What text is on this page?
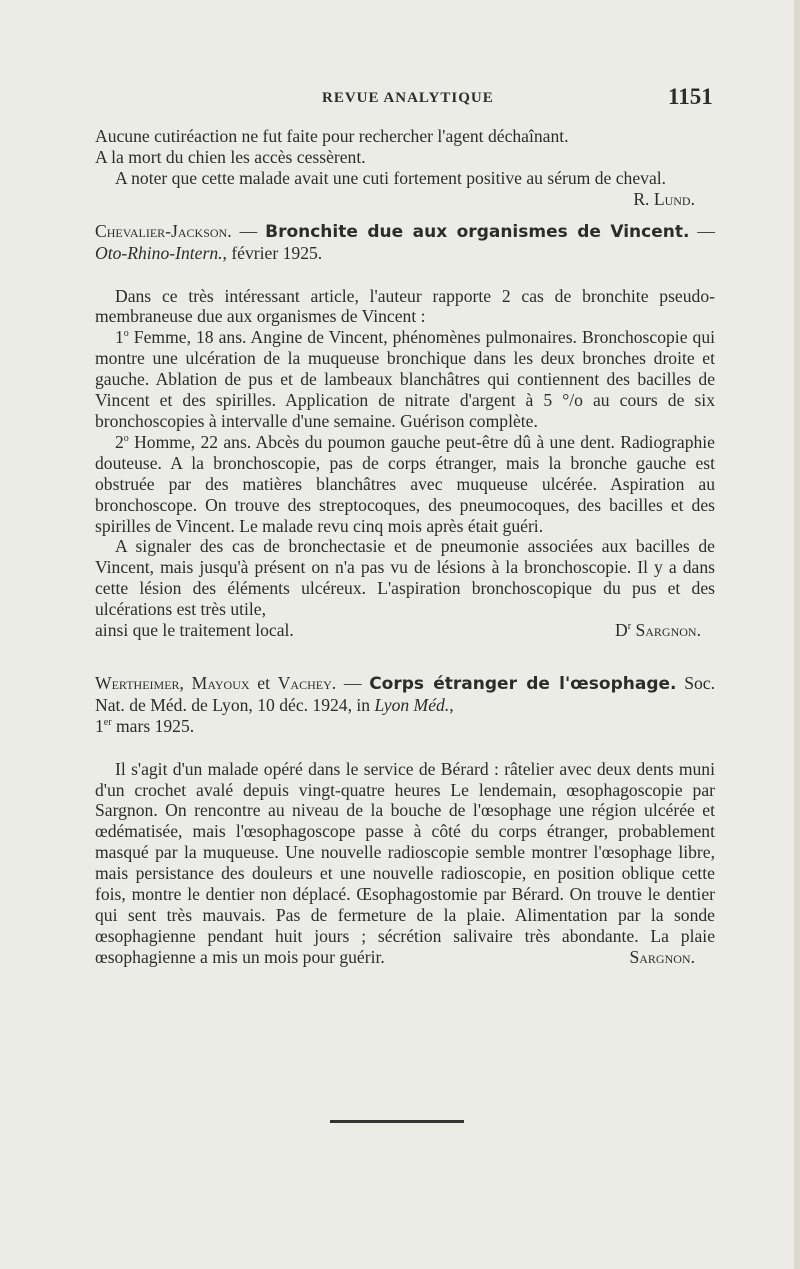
REVUE ANALYTIQUE	1151

Aucune cutiréaction ne fut faite pour rechercher l'agent déchaînant.
A la mort du chien les accès cessèrent.

A noter que cette malade avait une cuti fortement positive au sérum de cheval.
R. Lund.

Chevalier-Jackson. — Bronchite due aux organismes de Vincent. — Oto-Rhino-Intern., février 1925.

Dans ce très intéressant article, l'auteur rapporte 2 cas de bronchite pseudo-membraneuse due aux organismes de Vincent :

1$^o$ Femme, 18 ans. Angine de Vincent, phénomènes pulmonaires. Bronchoscopie qui montre une ulcération de la muqueuse bronchique dans les deux bronches droite et gauche. Ablation de pus et de lambeaux blanchâtres qui contiennent des bacilles de Vincent et des spirilles. Application de nitrate d'argent à 5 °/o au cours de six bronchoscopies à intervalle d'une semaine. Guérison complète.

2$^o$ Homme, 22 ans. Abcès du poumon gauche peut-être dû à une dent. Radiographie douteuse. A la bronchoscopie, pas de corps étranger, mais la bronche gauche est obstruée par des matières blanchâtres avec muqueuse ulcérée. Aspiration au bronchoscope. On trouve des streptocoques, des pneumocoques, des bacilles et des spirilles de Vincent. Le malade revu cinq mois après était guéri.

A signaler des cas de bronchectasie et de pneumonie associées aux bacilles de Vincent, mais jusqu'à présent on n'a pas vu de lésions à la bronchoscopie. Il y a dans cette lésion des éléments ulcéreux. L'aspiration bronchoscopique du pus et des ulcérations est très utile,

ainsi que le traitement local.	$D^r$ Sargnon.

Wertheimer, Mayoux et Vachey. — Corps étranger de l'œsophage. Soc. Nat. de Méd. de Lyon, 10 déc. 1924, in Lyon Méd.,
1er mars 1925.

Il s'agit d'un malade opéré dans le service de Bérard : râtelier avec deux dents muni d'un crochet avalé depuis vingt-quatre heures Le lendemain, œsophagoscopie par Sargnon. On rencontre au niveau de la bouche de l'œsophage une région ulcérée et œdématisée, mais l'œsophagoscope passe à côté du corps étranger, probablement masqué par la muqueuse. Une nouvelle radioscopie semble montrer l'œsophage libre, mais persistance des douleurs et une nouvelle radioscopie, en position oblique cette fois, montre le dentier non déplacé. Œsophagostomie par Bérard. On trouve le dentier qui sent très mauvais. Pas de fermeture de la plaie. Alimentation par la sonde œsophagienne pendant huit jours ; sécrétion salivaire très abondante. La plaie œsophagienne a mis un mois pour guérir.	Sargnon.
